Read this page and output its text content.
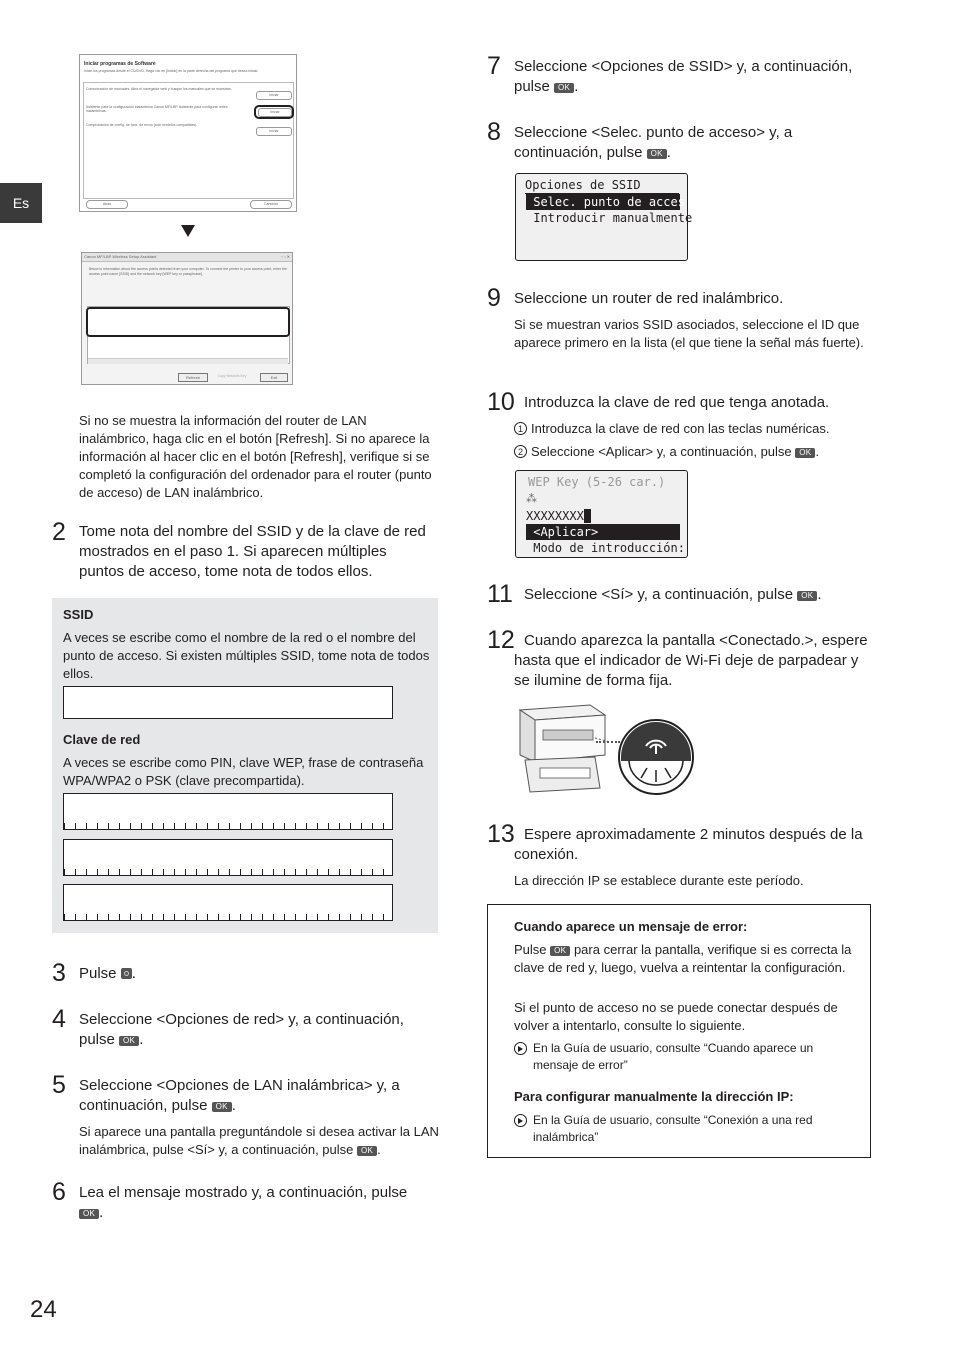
Es
Iniciar programas de Software
Inicie los programas desde el CD/DVD. Haga clic en [Iniciar] en la parte derecha del programa que desea iniciar.
Comunicación de manuales. Abra el navegador web y busque los manuales que se muestran.
Iniciar
Asistente para la configuración inalámbrica Canon MF/LBP. Asistente para configurar redes inalámbricas.	Iniciar
Comprobación de config. de func. de envío (solo modelos compatibles).
Iniciar
Atrás	Cancelar
Canon MF/LBP Wireless Setup Assistant	▫ ▫ ✕
Below is information about the access points detected from your computer. To connect the printer to your access point, enter the access point name [SSID] and the network key [WEP key or passphrase].
Refresh	Copy Network Key	Exit
Si no se muestra la información del router de LAN inalámbrico, haga clic en el botón [Refresh]. Si no aparece la información al hacer clic en el botón [Refresh], verifique si se completó la configuración del ordenador para el router (punto de acceso) de LAN inalámbrico.
2 Tome nota del nombre del SSID y de la clave de red mostrados en el paso 1. Si aparecen múltiples puntos de acceso, tome nota de todos ellos.
SSID
A veces se escribe como el nombre de la red o el nombre del punto de acceso. Si existen múltiples SSID, tome nota de todos ellos.
Clave de red
A veces se escribe como PIN, clave WEP, frase de contraseña WPA/WPA2 o PSK (clave precompartida).
3 Pulse .
4 Seleccione <Opciones de red> y, a continuación, pulse OK .
5 Seleccione <Opciones de LAN inalámbrica> y, a continuación, pulse OK .
Si aparece una pantalla preguntándole si desea activar la LAN inalámbrica, pulse <Sí> y, a continuación, pulse OK .
6 Lea el mensaje mostrado y, a continuación, pulse OK .
24
7 Seleccione <Opciones de SSID> y, a continuación, pulse OK .
8 Seleccione <Selec. punto de acceso> y, a continuación, pulse OK .
Opciones de SSID
Selec. punto de acces
Introducir manualmente
9 Seleccione un router de red inalámbrico.
Si se muestran varios SSID asociados, seleccione el ID que aparece primero en la lista (el que tiene la señal más fuerte).
10 Introduzca la clave de red que tenga anotada.
1 Introduzca la clave de red con las teclas numéricas.
2 Seleccione <Aplicar> y, a continuación, pulse OK .
WEP Key (5-26 car.)
⁂
XXXXXXXX
<Aplicar>
Modo de introducción:
11 Seleccione <Sí> y, a continuación, pulse OK .
12 Cuando aparezca la pantalla <Conectado.>, espere hasta que el indicador de Wi-Fi deje de parpadear y se ilumine de forma fija.
13 Espere aproximadamente 2 minutos después de la conexión.
La dirección IP se establece durante este período.
Cuando aparece un mensaje de error:
Pulse OK para cerrar la pantalla, verifique si es correcta la clave de red y, luego, vuelva a reintentar la configuración.
Si el punto de acceso no se puede conectar después de volver a intentarlo, consulte lo siguiente.
En la Guía de usuario, consulte “Cuando aparece un mensaje de error”
Para configurar manualmente la dirección IP:
En la Guía de usuario, consulte “Conexión a una red inalámbrica”
